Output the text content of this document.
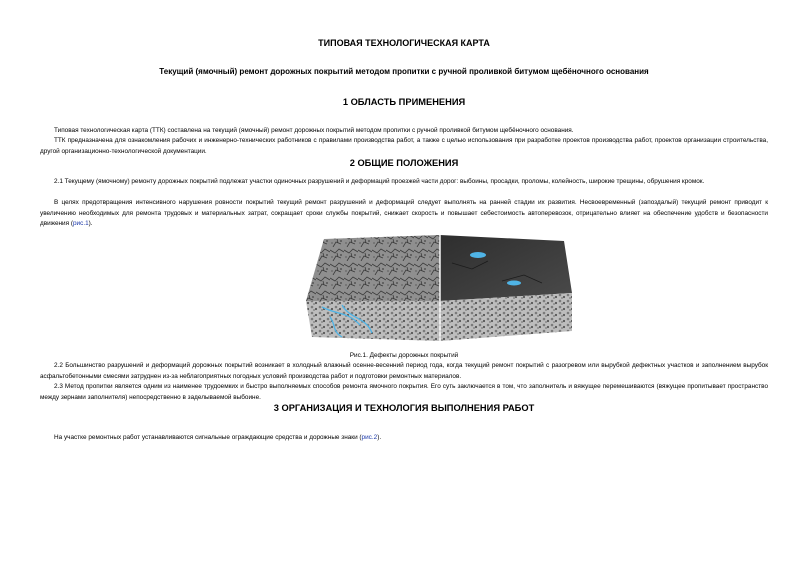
ТИПОВАЯ ТЕХНОЛОГИЧЕСКАЯ КАРТА
Текущий (ямочный) ремонт дорожных покрытий методом пропитки с ручной проливкой битумом щебёночного основания
1 ОБЛАСТЬ ПРИМЕНЕНИЯ
Типовая технологическая карта (ТТК) составлена на текущий (ямочный) ремонт дорожных покрытий методом пропитки с ручной проливкой битумом щебёночного основания.
ТТК предназначена для ознакомления рабочих и инженерно-технических работников с правилами производства работ, а также с целью использования при разработке проектов производства работ, проектов организации строительства, другой организационно-технологической документации.
2 ОБЩИЕ ПОЛОЖЕНИЯ
2.1 Текущему (ямочному) ремонту дорожных покрытий подлежат участки одиночных разрушений и деформаций проезжей части дорог: выбоины, просадки, проломы, колейность, широкие трещины, обрушения кромок.
В целях предотвращения интенсивного нарушения ровности покрытий текущий ремонт разрушений и деформаций следует выполнять на ранней стадии их развития. Несвоевременный (запоздалый) текущий ремонт приводит к увеличению необходимых для ремонта трудовых и материальных затрат, сокращает сроки службы покрытий, снижает скорость и повышает себестоимость автоперевозок, отрицательно влияет на обеспечение удобств и безопасности движения (рис.1).
Рис.1. Дефекты дорожных покрытий
2.2 Большинство разрушений и деформаций дорожных покрытий возникает в холодный влажный осенне-весенний период года, когда текущий ремонт покрытий с разогревом или вырубкой дефектных участков и заполнением вырубок асфальтобетонными смесями затруднен из-за неблагоприятных погодных условий производства работ и подготовки ремонтных материалов.
2.3 Метод пропитки является одним из наименее трудоемких и быстро выполняемых способов ремонта ямочного покрытия. Его суть заключается в том, что заполнитель и вяжущее перемешиваются (вяжущее пропитывает пространство между зернами заполнителя) непосредственно в заделываемой выбоине.
3 ОРГАНИЗАЦИЯ И ТЕХНОЛОГИЯ ВЫПОЛНЕНИЯ РАБОТ
На участке ремонтных работ устанавливаются сигнальные ограждающие средства и дорожные знаки (рис.2).
